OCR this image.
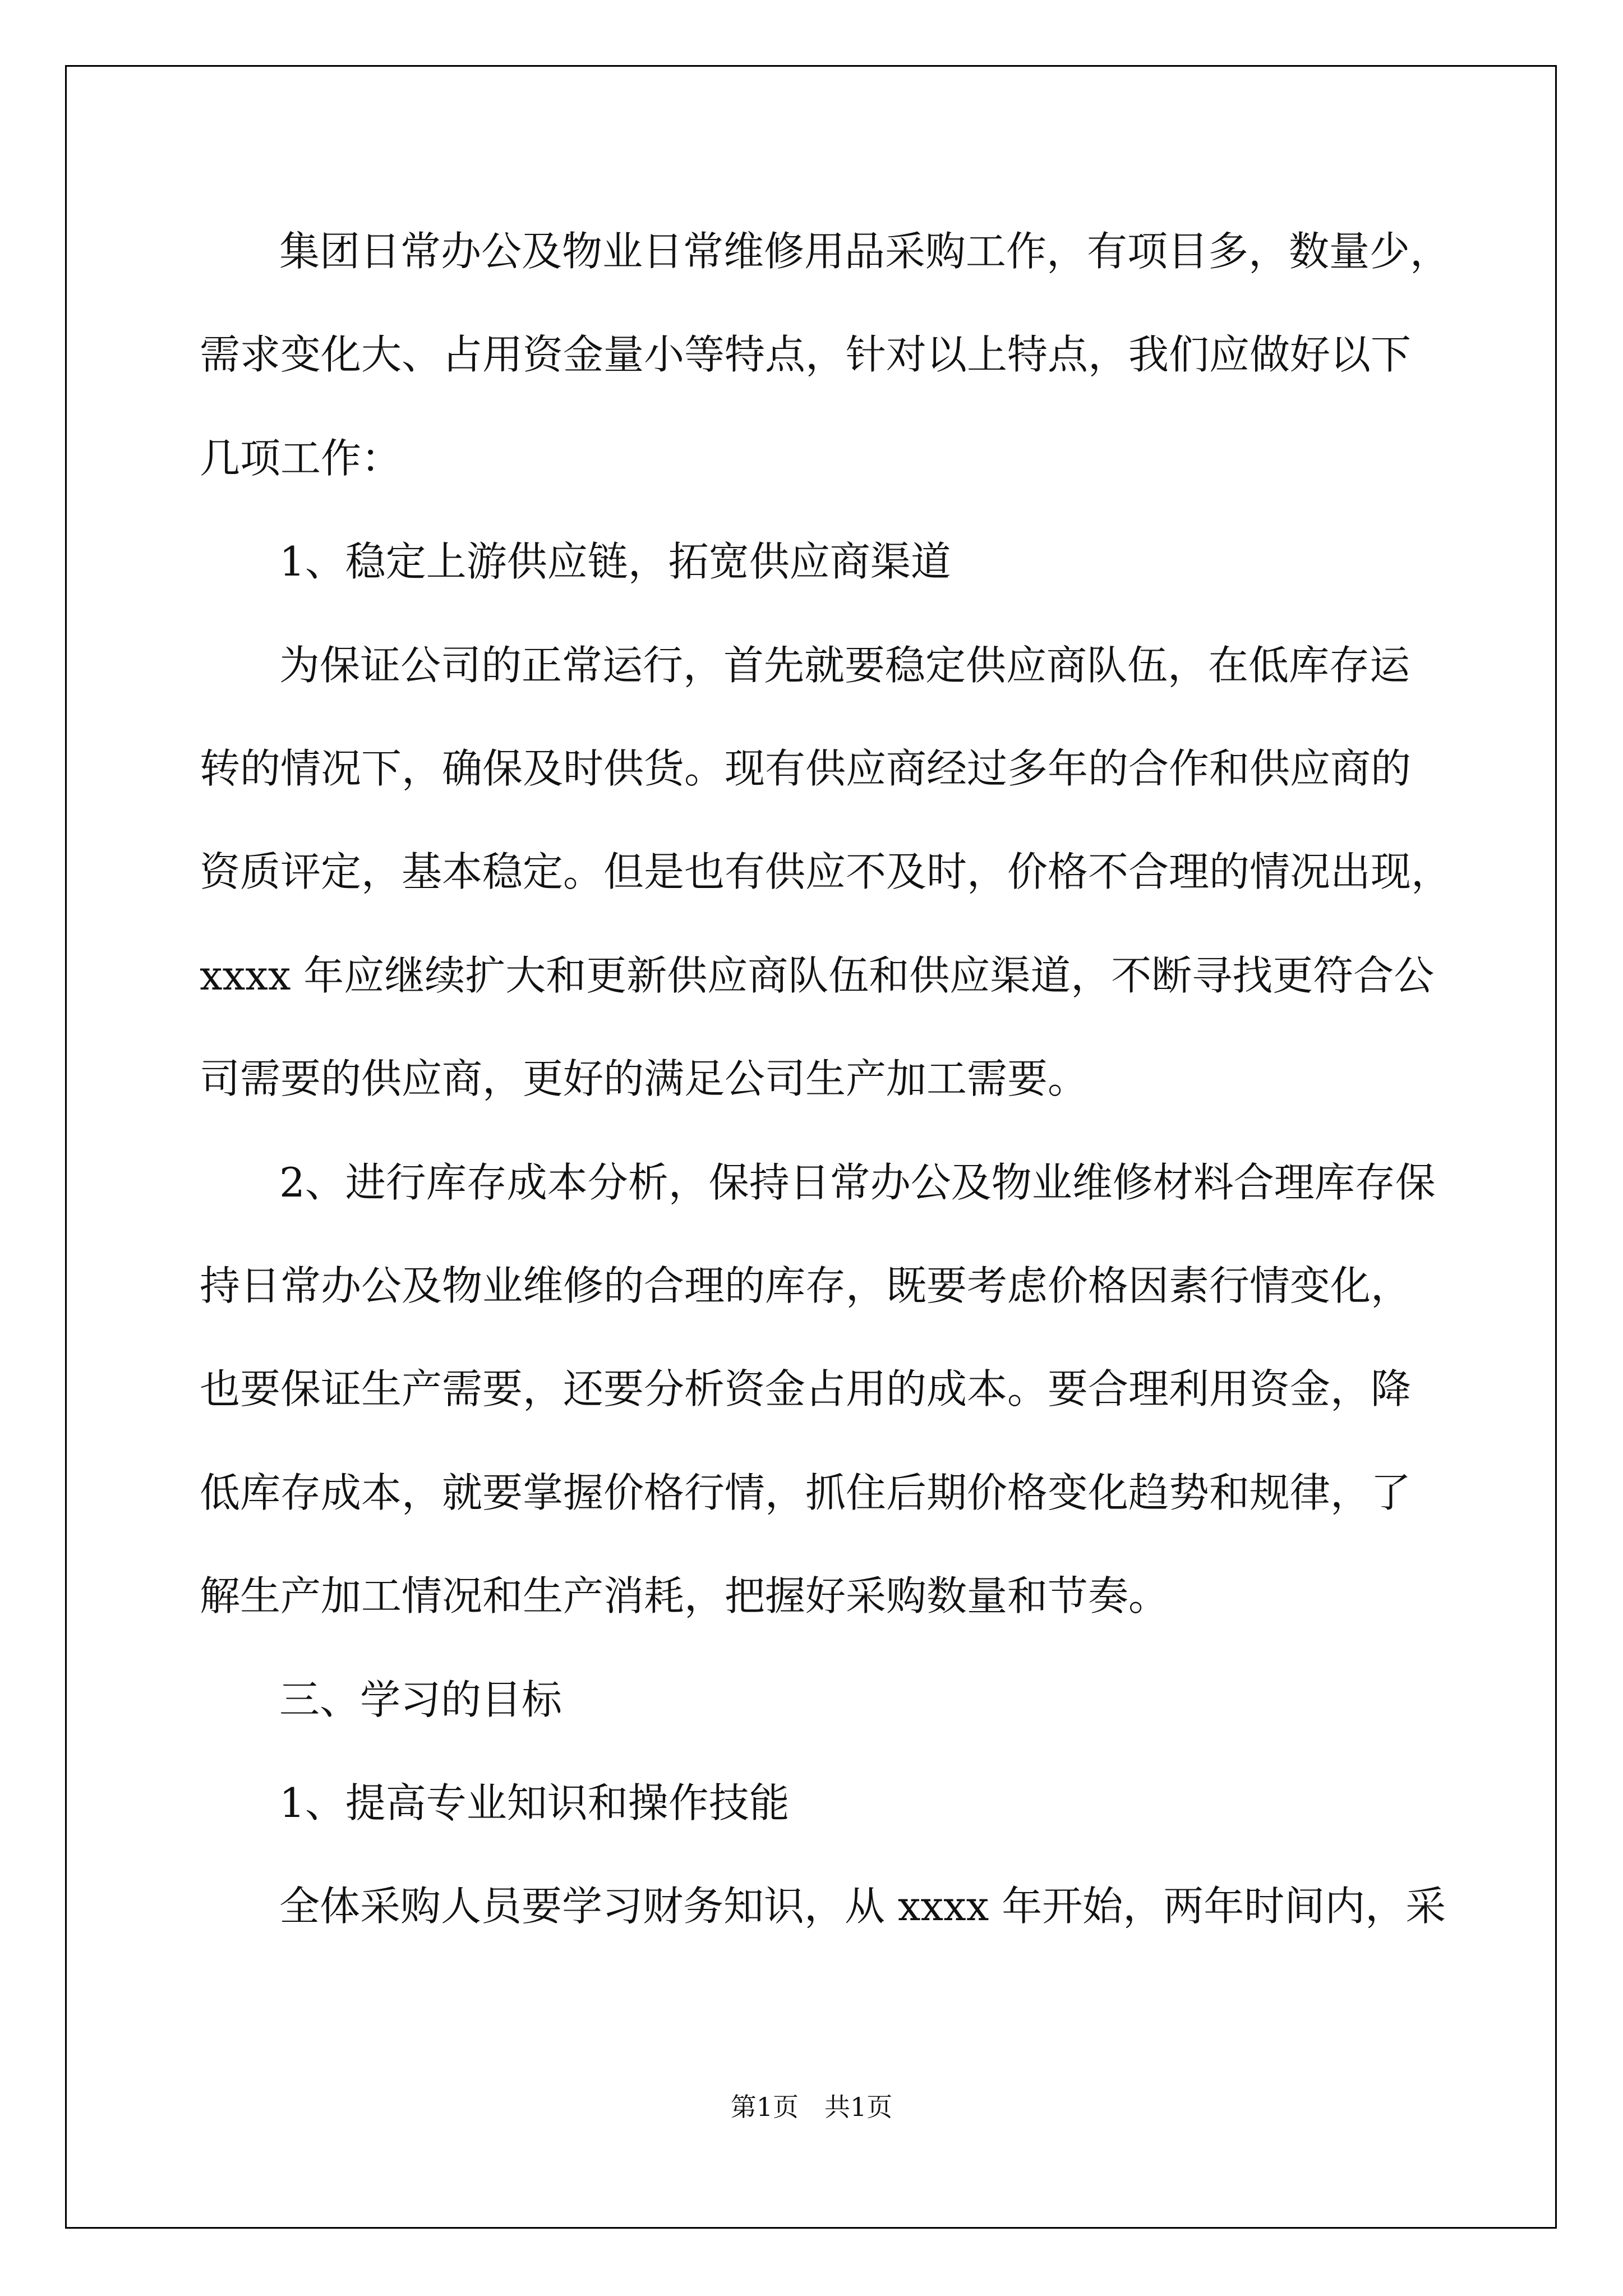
集团日常办公及物业日常维修用品采购工作，有项目多，数量少，

需求变化大、占用资金量小等特点，针对以上特点，我们应做好以下

几项工作：

1、稳定上游供应链，拓宽供应商渠道

为保证公司的正常运行，首先就要稳定供应商队伍，在低库存运

转的情况下，确保及时供货。现有供应商经过多年的合作和供应商的

资质评定，基本稳定。但是也有供应不及时，价格不合理的情况出现，

xxxx 年应继续扩大和更新供应商队伍和供应渠道，不断寻找更符合公

司需要的供应商，更好的满足公司生产加工需要。

2、进行库存成本分析，保持日常办公及物业维修材料合理库存保

持日常办公及物业维修的合理的库存，既要考虑价格因素行情变化，

也要保证生产需要，还要分析资金占用的成本。要合理利用资金，降

低库存成本，就要掌握价格行情，抓住后期价格变化趋势和规律，了

解生产加工情况和生产消耗，把握好采购数量和节奏。

三、学习的目标

1、提高专业知识和操作技能

全体采购人员要学习财务知识，从 xxxx 年开始，两年时间内，采

第1页　共1页
